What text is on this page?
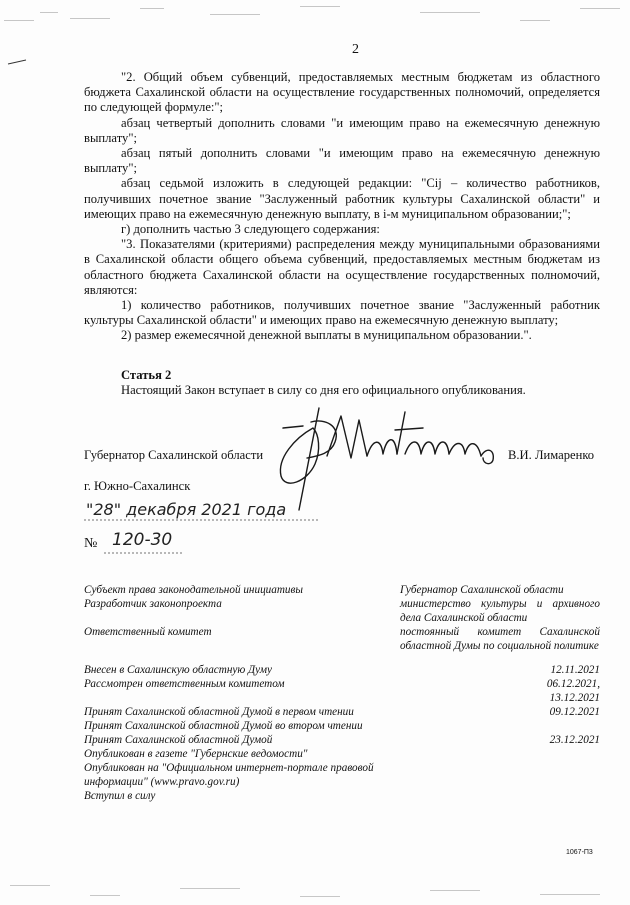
2

"2. Общий объем субвенций, предоставляемых местным бюджетам из областного бюджета Сахалинской области на осуществление государственных полномочий, определяется по следующей формуле:";

абзац четвертый дополнить словами "и имеющим право на ежемесячную денежную выплату";

абзац пятый дополнить словами "и имеющим право на ежемесячную денежную выплату";

абзац седьмой изложить в следующей редакции: "Cij – количество работников, получивших почетное звание "Заслуженный работник культуры Сахалинской области" и имеющих право на ежемесячную денежную выплату, в i-м муниципальном образовании;";

г) дополнить частью 3 следующего содержания:

"3. Показателями (критериями) распределения между муниципальными образованиями в Сахалинской области общего объема субвенций, предоставляемых местным бюджетам из областного бюджета Сахалинской области на осуществление государственных полномочий, являются:

1) количество работников, получивших почетное звание "Заслуженный работник культуры Сахалинской области" и имеющих право на ежемесячную денежную выплату;

2) размер ежемесячной денежной выплаты в муниципальном образовании.".

Статья 2

Настоящий Закон вступает в силу со дня его официального опубликования.

Губернатор Сахалинской области	В.И. Лимаренко
г. Южно-Сахалинск
"28" декабря 2021 года
№ 120-30
Субъект права законодательной инициативы
Разработчик законопроекта
Ответственный комитет
Внесен в Сахалинскую областную Думу
Рассмотрен ответственным комитетом
Принят Сахалинской областной Думой в первом чтении
Принят Сахалинской областной Думой во втором чтении
Принят Сахалинской областной Думой
Опубликован в газете "Губернские ведомости"
Опубликован на "Официальном интернет-портале правовой информации" (www.pravo.gov.ru)
Вступил в силу
Губернатор Сахалинской области
министерство культуры и архивного дела Сахалинской области
постоянный комитет Сахалинской областной Думы по социальной политике
12.11.2021
06.12.2021,
13.12.2021
09.12.2021
23.12.2021
1067-П3
